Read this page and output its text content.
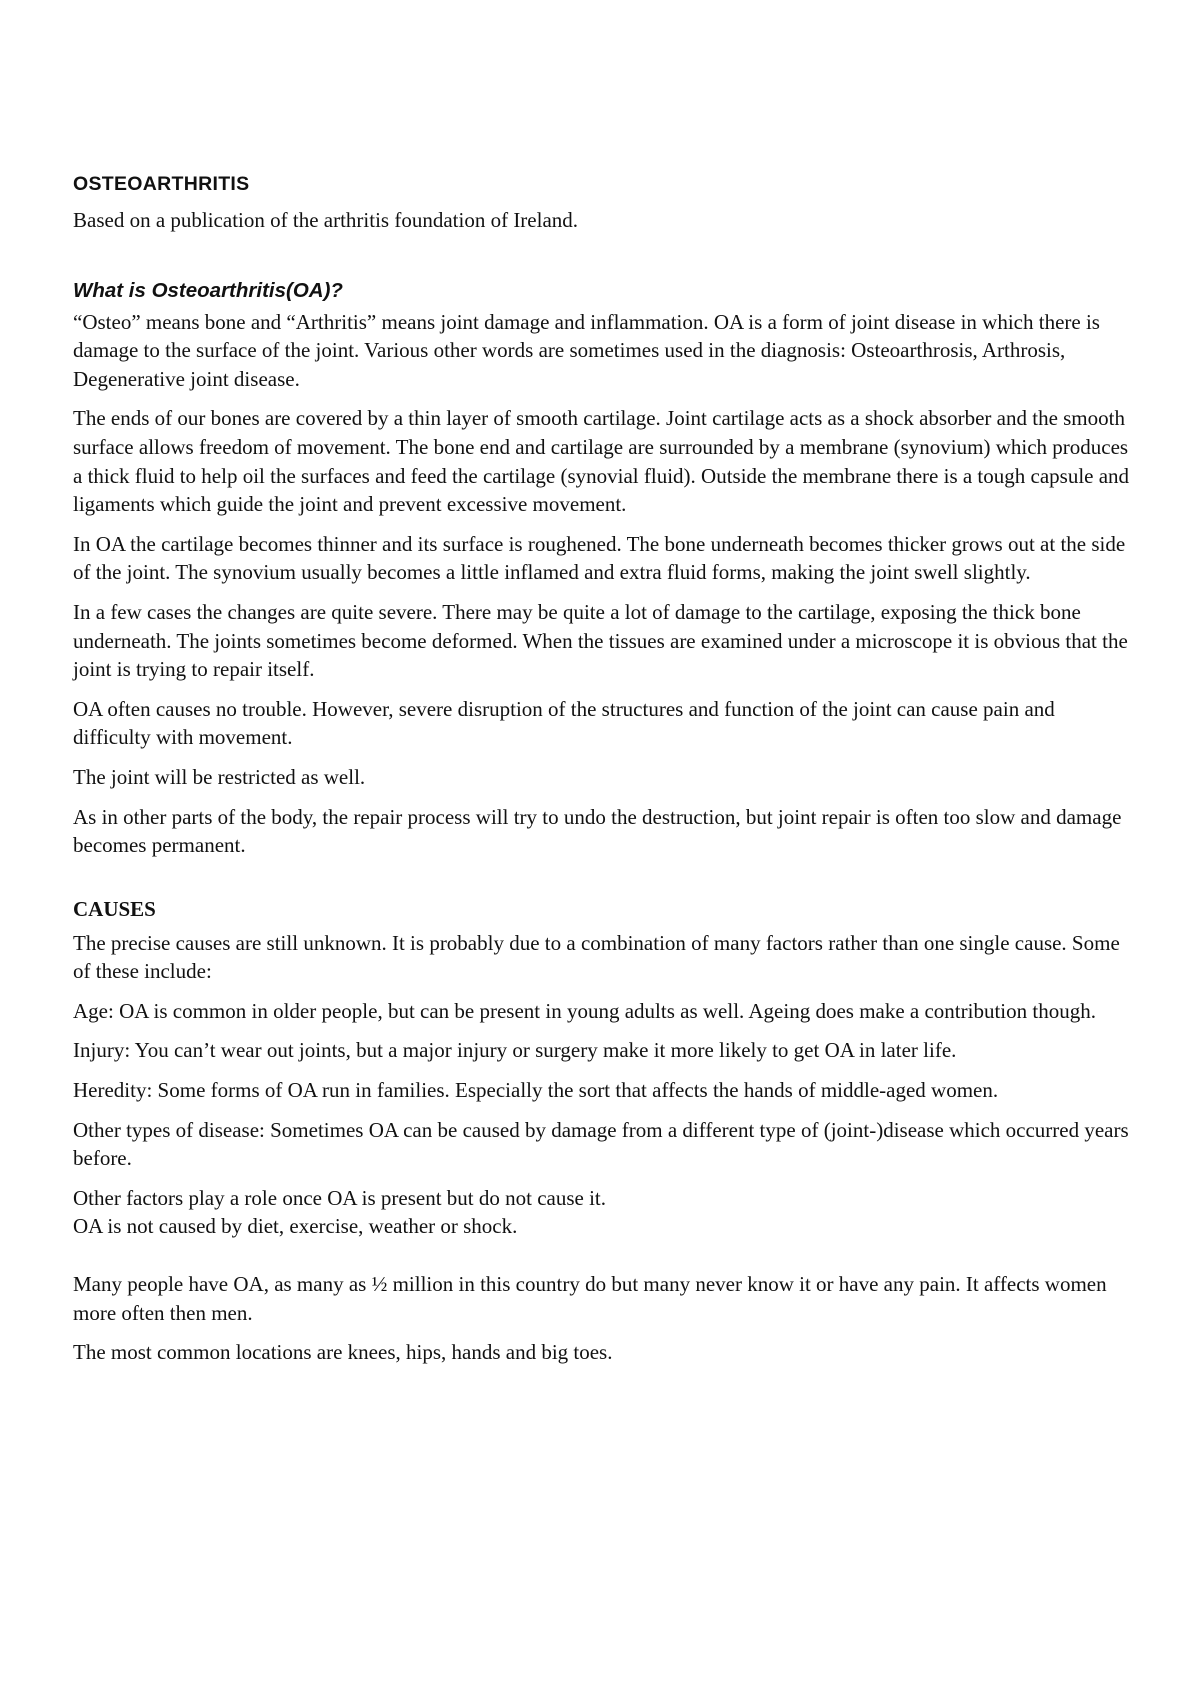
OSTEOARTHRITIS

Based on a publication of the arthritis foundation of Ireland.

What is Osteoarthritis(OA)?

“Osteo” means bone and “Arthritis” means joint damage and inflammation. OA is a form of joint disease in which there is damage to the surface of the joint. Various other words are sometimes used in the diagnosis: Osteoarthrosis, Arthrosis, Degenerative joint disease.

The ends of our bones are covered by a thin layer of smooth cartilage. Joint cartilage acts as a shock absorber and the smooth surface allows freedom of movement. The bone end and cartilage are surrounded by a membrane (synovium) which produces a thick fluid to help oil the surfaces and feed the cartilage (synovial fluid). Outside the membrane there is a tough capsule and ligaments which guide the joint and prevent excessive movement.

In OA the cartilage becomes thinner and its surface is roughened. The bone underneath becomes thicker grows out at the side of the joint. The synovium usually becomes a little inflamed and extra fluid forms, making the joint swell slightly.

In a few cases the changes are quite severe. There may be quite a lot of damage to the cartilage, exposing the thick bone underneath. The joints sometimes become deformed. When the tissues are examined under a microscope it is obvious that the joint is trying to repair itself.

OA often causes no trouble. However, severe disruption of the structures and function of the joint can cause pain and difficulty with movement.

The joint will be restricted as well.

As in other parts of the body, the repair process will try to undo the destruction, but joint repair is often too slow and damage becomes permanent.

CAUSES

The precise causes are still unknown. It is probably due to a combination of many factors rather than one single cause. Some of these include:

Age: OA is common in older people, but can be present in young adults as well. Ageing does make a contribution though.

Injury: You can’t wear out joints, but a major injury or surgery make it more likely to get OA in later life.

Heredity: Some forms of OA run in families. Especially the sort that affects the hands of middle-aged women.

Other types of disease: Sometimes OA can be caused by damage from a different type of (joint-)disease which occurred years before.

Other factors play a role once OA is present but do not cause it.

OA is not caused by diet, exercise, weather or shock.

Many people have OA, as many as ½ million in this country do but many never know it or have any pain. It affects women more often then men.

The most common locations are knees, hips, hands and big toes.
